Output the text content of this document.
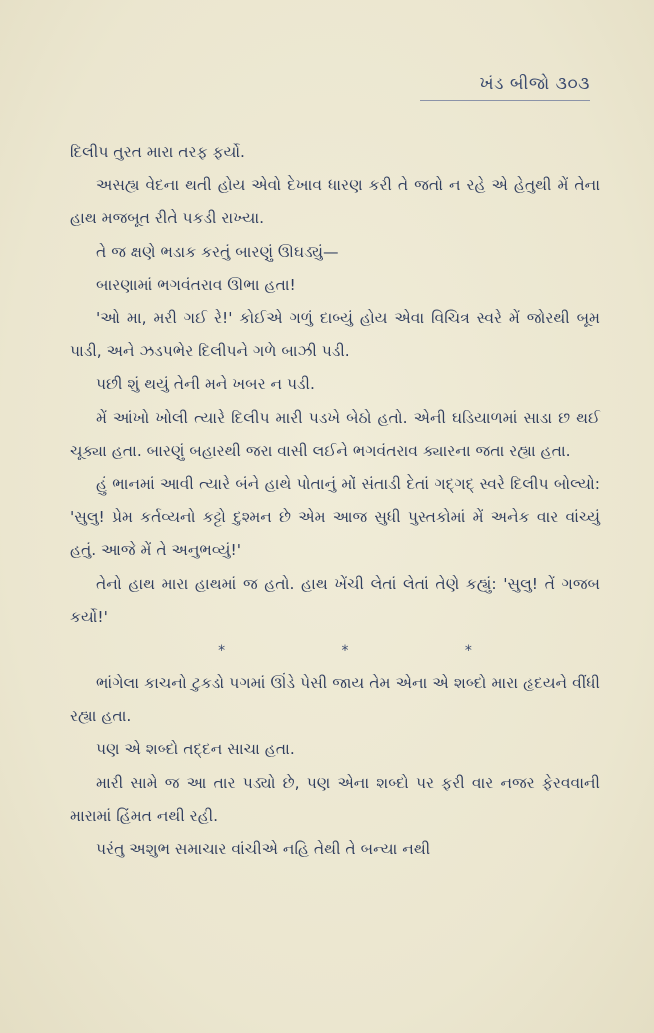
ખંડ બીજો ૩૦૩

દિલીપ તુરત મારા તરફ ફર્યો.

અસહ્ય વેદના થતી હોય એવો દેખાવ ધારણ કરી તે જતો ન રહે એ હેતુથી મેં તેના હાથ મજબૂત રીતે પકડી રાખ્યા.

તે જ ક્ષણે ભડાક કરતું બારણું ઊઘડ્યું—

બારણામાં ભગવંતરાવ ઊભા હતા!

'ઓ મા, મરી ગઈ રે!' કોઈએ ગળું દાબ્યું હોય એવા વિચિત્ર સ્વરે મેં જોરથી બૂમ પાડી, અને ઝડપભેર દિલીપને ગળે બાઝી પડી.

પછી શું થયું તેની મને ખબર ન પડી.

મેં આંખો ખોલી ત્યારે દિલીપ મારી પડખે બેઠો હતો. એની ઘડિયાળમાં સાડા છ થઈ ચૂક્યા હતા. બારણું બહારથી જરા વાસી લઈને ભગવંતરાવ ક્યારના જતા રહ્યા હતા.

હું ભાનમાં આવી ત્યારે બંને હાથે પોતાનું મોં સંતાડી દેતાં ગદ્ગદ્ સ્વરે દિલીપ બોલ્યો: 'સુલુ! પ્રેમ કર્તવ્યનો કટ્ટો દુશ્મન છે એમ આજ સુધી પુસ્તકોમાં મેં અનેક વાર વાંચ્યું હતું. આજે મેં તે અનુભવ્યું!'

તેનો હાથ મારા હાથમાં જ હતો. હાથ ખેંચી લેતાં લેતાં તેણે કહ્યું: 'સુલુ! તેં ગજબ કર્યો!'

*	*	*

ભાંગેલા કાચનો ટુકડો પગમાં ઊંડે પેસી જાય તેમ એના એ શબ્દો મારા હૃદયને વીંધી રહ્યા હતા.

પણ એ શબ્દો તદ્દન સાચા હતા.

મારી સામે જ આ તાર પડ્યો છે, પણ એના શબ્દો પર ફરી વાર નજર ફેરવવાની મારામાં હિંમત નથી રહી.

પરંતુ અશુભ સમાચાર વાંચીએ નહિ તેથી તે બન્યા નથી
